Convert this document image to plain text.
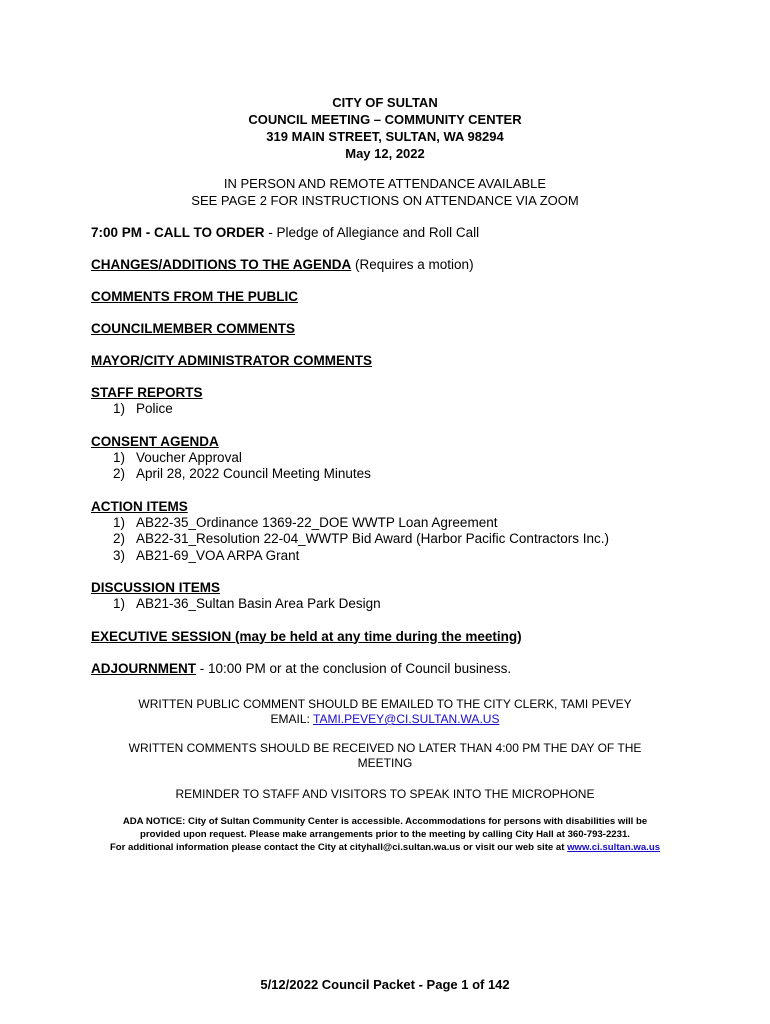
CITY OF SULTAN
COUNCIL MEETING – COMMUNITY CENTER
319 MAIN STREET, SULTAN, WA 98294
May 12, 2022
IN PERSON AND REMOTE ATTENDANCE AVAILABLE
SEE PAGE 2 FOR INSTRUCTIONS ON ATTENDANCE VIA ZOOM
7:00 PM - CALL TO ORDER - Pledge of Allegiance and Roll Call
CHANGES/ADDITIONS TO THE AGENDA (Requires a motion)
COMMENTS FROM THE PUBLIC
COUNCILMEMBER COMMENTS
MAYOR/CITY ADMINISTRATOR COMMENTS
STAFF REPORTS
1) Police
CONSENT AGENDA
1) Voucher Approval
2) April 28, 2022 Council Meeting Minutes
ACTION ITEMS
1) AB22-35_Ordinance 1369-22_DOE WWTP Loan Agreement
2) AB22-31_Resolution 22-04_WWTP Bid Award (Harbor Pacific Contractors Inc.)
3) AB21-69_VOA ARPA Grant
DISCUSSION ITEMS
1) AB21-36_Sultan Basin Area Park Design
EXECUTIVE SESSION (may be held at any time during the meeting)
ADJOURNMENT - 10:00 PM or at the conclusion of Council business.
WRITTEN PUBLIC COMMENT SHOULD BE EMAILED TO THE CITY CLERK, TAMI PEVEY
EMAIL: TAMI.PEVEY@CI.SULTAN.WA.US
WRITTEN COMMENTS SHOULD BE RECEIVED NO LATER THAN 4:00 PM THE DAY OF THE
MEETING
REMINDER TO STAFF AND VISITORS TO SPEAK INTO THE MICROPHONE
ADA NOTICE: City of Sultan Community Center is accessible. Accommodations for persons with disabilities will be
provided upon request. Please make arrangements prior to the meeting by calling City Hall at 360-793-2231.
For additional information please contact the City at cityhall@ci.sultan.wa.us or visit our web site at www.ci.sultan.wa.us
5/12/2022 Council Packet - Page 1 of 142
